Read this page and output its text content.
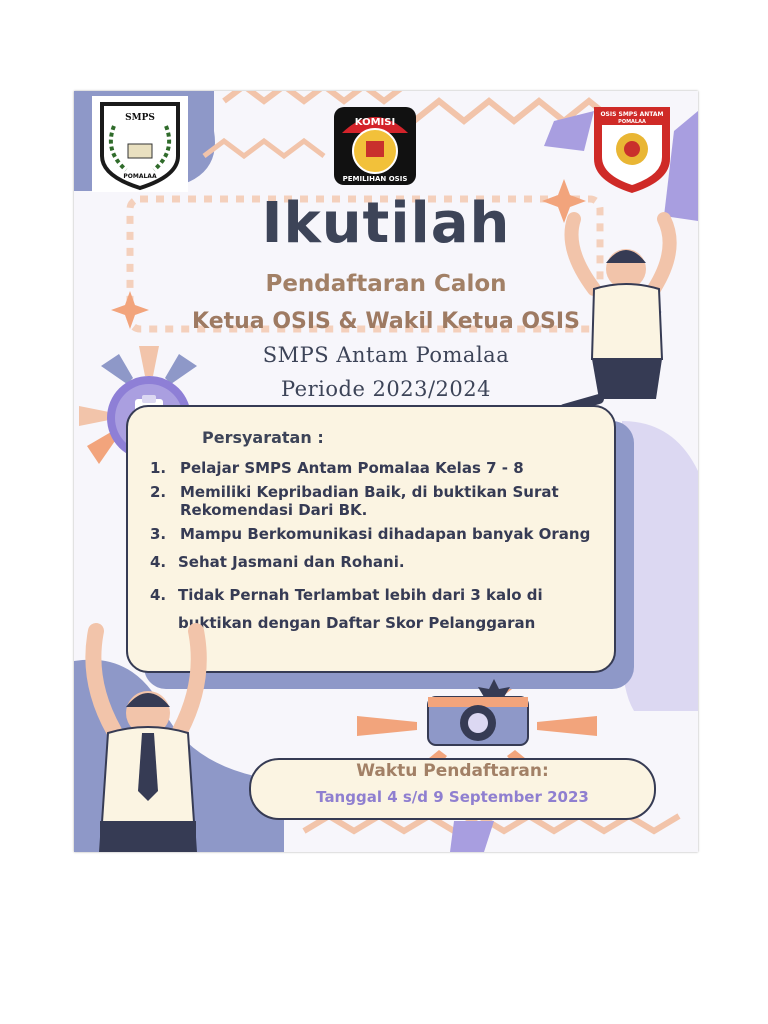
SMPS
POMALAA
KOMISI
PEMILIHAN OSIS
OSIS SMPS ANTAM
POMALAA
Ikutilah
Pendaftaran Calon
Ketua OSIS & Wakil Ketua OSIS
SMPS Antam Pomalaa
Periode 2023/2024
Persyaratan :
1. Pelajar SMPS Antam Pomalaa Kelas 7 - 8
2. Memiliki Kepribadian Baik, di buktikan Surat Rekomendasi Dari BK.
3. Mampu Berkomunikasi dihadapan banyak Orang
4. Sehat Jasmani dan Rohani.
4. Tidak Pernah Terlambat lebih dari 3 kalo di buktikan dengan Daftar Skor Pelanggaran
Waktu Pendaftaran:
Tanggal 4 s/d 9 September 2023
